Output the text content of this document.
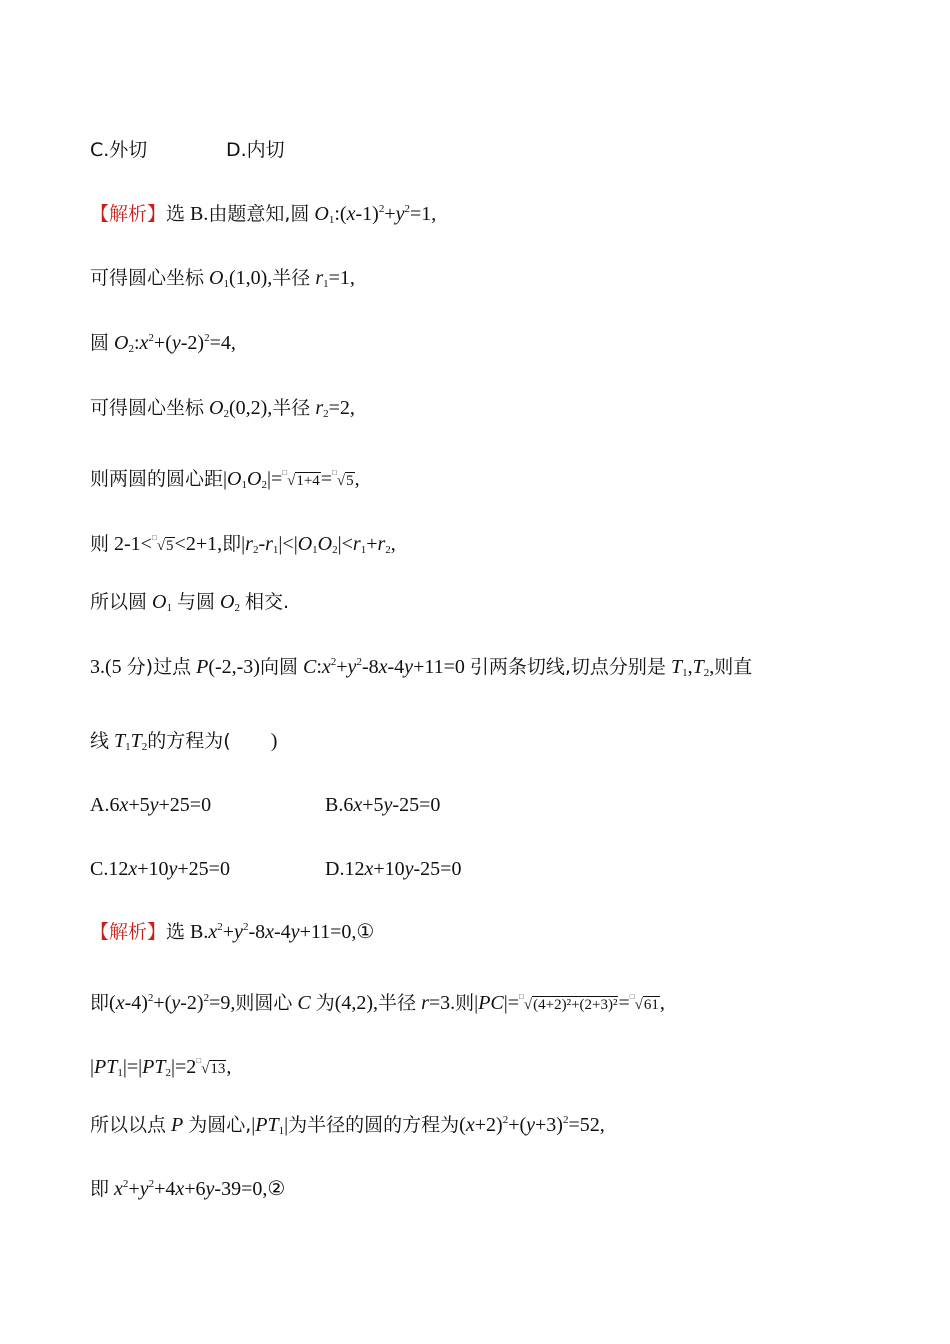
C.外切	D.内切
【解析】选 B.由题意知,圆 $O_1:(x-1)^2+y^2=1$,
可得圆心坐标 $O_1(1,0)$,半径 $r_1=1$,
圆 $O_2:x^2+(y-2)^2=4$,
可得圆心坐标 $O_2(0,2)$,半径 $r_2=2$,
则两圆的圆心距$|O_1O_2|=^□√1+4=^□√5$,
则 2-1<□√5<2+1,即$|r_2-r_1|<|O_1O_2|<r_1+r_2$,
所以圆 $O_1$ 与圆 $O_2$ 相交.
3.(5 分)过点 P(-2,-3)向圆 $C:x^2+y^2-8x-4y+11=0$ 引两条切线,切点分别是 $T_1,T_2$,则直
线 $T_1T_2$的方程为(        )
A.6x+5y+25=0	B.6x+5y-25=0
C.12x+10y+25=0	D.12x+10y-25=0
【解析】选 $B.x^2+y^2-8x-4y+11=0,①$
即$(x-4)^2+(y-2)^2=9$,则圆心 C 为(4,2),半径 r=3.则|PC|=□√(4+2)²+(2+3)²=□√61,
$|PT_1|=|PT_2|=2^□√13$,
所以以点 P 为圆心$,|PT_1|$为半径的圆的方程为$(x+2)^2+(y+3)^2=52$,
即 $x^2+y^2+4x+6y-39=0,②$
